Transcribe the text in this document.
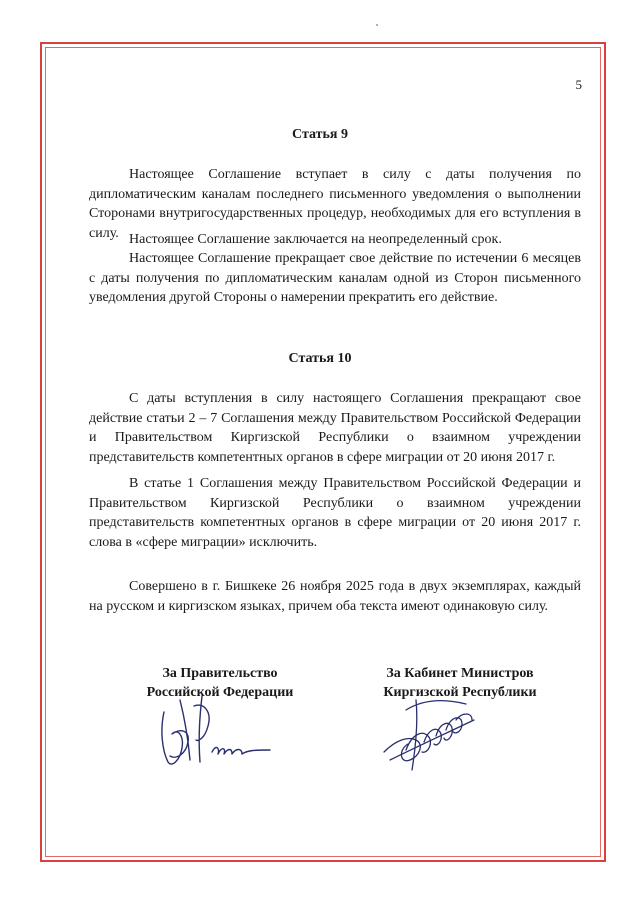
5
Статья 9

Настоящее Соглашение вступает в силу с даты получения по дипломатическим каналам последнего письменного уведомления о выполнении Сторонами внутригосударственных процедур, необходимых для его вступления в силу. Настоящее Соглашение заключается на неопределенный срок.

Настоящее Соглашение прекращает свое действие по истечении 6 месяцев с даты получения по дипломатическим каналам одной из Сторон письменного уведомления другой Стороны о намерении прекратить его действие.

Статья 10

С даты вступления в силу настоящего Соглашения прекращают свое действие статьи 2 – 7 Соглашения между Правительством Российской Федерации и Правительством Киргизской Республики о взаимном учреждении представительств компетентных органов в сфере миграции от 20 июня 2017 г.

В статье 1 Соглашения между Правительством Российской Федерации и Правительством Киргизской Республики о взаимном учреждении представительств компетентных органов в сфере миграции от 20 июня 2017 г. слова в «сфере миграции» исключить.

Совершено в г. Бишкеке 26 ноября 2025 года в двух экземплярах, каждый на русском и киргизском языках, причем оба текста имеют одинаковую силу.

За Правительство
Российской Федерации
За Кабинет Министров
Киргизской Республики
